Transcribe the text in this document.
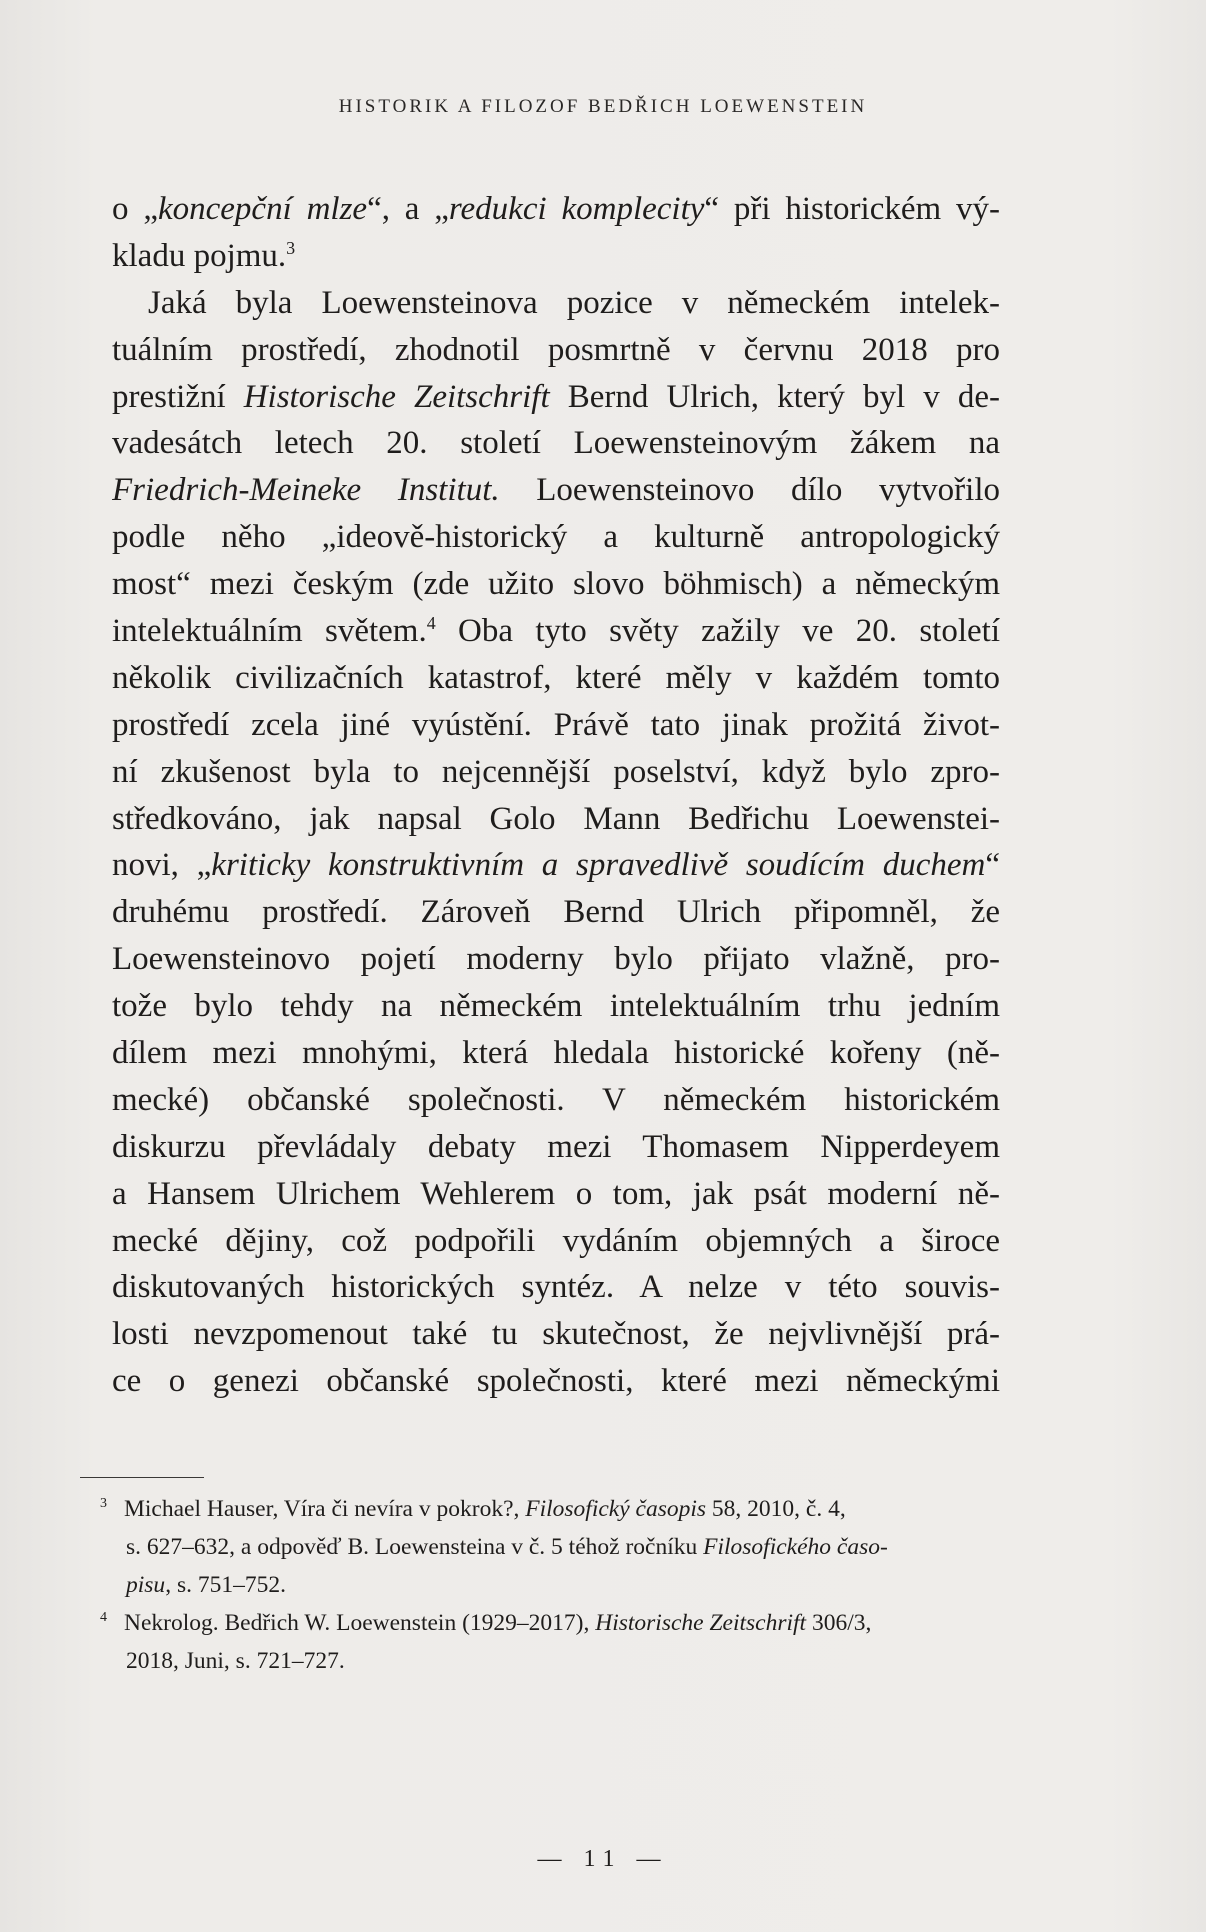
HISTORIK A FILOZOF BEDŘICH LOEWENSTEIN
o „koncepční mlze“, a „redukci komplecity“ při historickém vý-
kladu pojmu.$^3$
Jaká byla Loewensteinova pozice v německém intelek-
tuálním prostředí, zhodnotil posmrtně v červnu 2018 pro
prestižní Historische Zeitschrift Bernd Ulrich, který byl v de-
vadesátch letech 20. století Loewensteinovým žákem na
Friedrich-Meineke Institut. Loewensteinovo dílo vytvořilo
podle něho „ideově-historický a kulturně antropologický
most“ mezi českým (zde užito slovo böhmisch) a německým
intelektuálním světem.$^4$ Oba tyto světy zažily ve 20. století
několik civilizačních katastrof, které měly v každém tomto
prostředí zcela jiné vyústění. Právě tato jinak prožitá život-
ní zkušenost byla to nejcennější poselství, když bylo zpro-
středkováno, jak napsal Golo Mann Bedřichu Loewenstei-
novi, „kriticky konstruktivním a spravedlivě soudícím duchem“
druhému prostředí. Zároveň Bernd Ulrich připomněl, že
Loewensteinovo pojetí moderny bylo přijato vlažně, pro-
tože bylo tehdy na německém intelektuálním trhu jedním
dílem mezi mnohými, která hledala historické kořeny (ně-
mecké) občanské společnosti. V německém historickém
diskurzu převládaly debaty mezi Thomasem Nipperdeyem
a Hansem Ulrichem Wehlerem o tom, jak psát moderní ně-
mecké dějiny, což podpořili vydáním objemných a široce
diskutovaných historických syntéz. A nelze v této souvis-
losti nevzpomenout také tu skutečnost, že nejvlivnější prá-
ce o genezi občanské společnosti, které mezi německými
3 Michael Hauser, Víra či nevíra v pokrok?, Filosofický časopis 58, 2010, č. 4,
s. 627–632, a odpověď B. Loewensteina v č. 5 téhož ročníku Filosofického časo-
pisu, s. 751–752.
4 Nekrolog. Bedřich W. Loewenstein (1929–2017), Historische Zeitschrift 306/3,
2018, Juni, s. 721–727.
— 11 —
